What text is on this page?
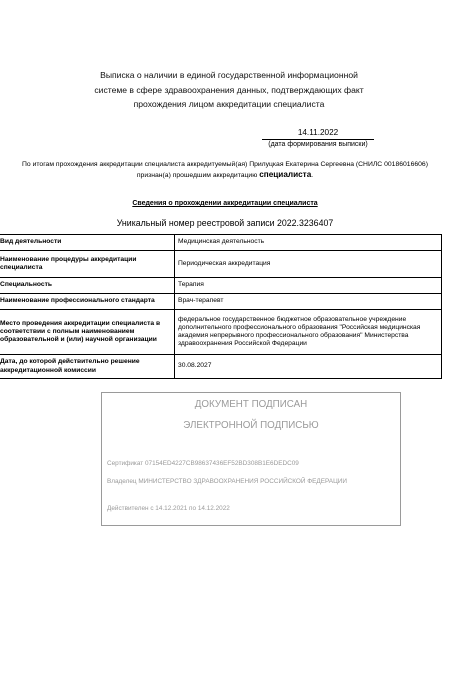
Выписка о наличии в единой государственной информационной
системе в сфере здравоохранения данных, подтверждающих факт
прохождения лицом аккредитации специалиста
14.11.2022
(дата формирования выписки)
По итогам прохождения аккредитации специалиста аккредитуемый(ая) Прилуцкая Екатерина Сергеевна (СНИЛС 00186016606)
признан(а) прошедшим аккредитацию специалиста.
Сведения о прохождении аккредитации специалиста
Уникальный номер реестровой записи 2022.3236407
Вид деятельности	Медицинская деятельность
Наименование процедуры аккредитации специалиста	Периодическая аккредитация
Специальность	Терапия
Наименование профессионального стандарта	Врач-терапевт
Место проведения аккредитации специалиста в соответствии с полным наименованием образовательной и (или) научной организации	федеральное государственное бюджетное образовательное учреждение дополнительного профессионального образования "Российская медицинская академия непрерывного профессионального образования" Министерства здравоохранения Российской Федерации
Дата, до которой действительно решение аккредитационной комиссии	30.08.2027
ДОКУМЕНТ ПОДПИСАН
ЭЛЕКТРОННОЙ ПОДПИСЬЮ
Сертификат 07154ED4227CB98637436EF52BD308B1E6DEDC09
Владелец МИНИСТЕРСТВО ЗДРАВООХРАНЕНИЯ РОССИЙСКОЙ ФЕДЕРАЦИИ
Действителен с 14.12.2021 по 14.12.2022
